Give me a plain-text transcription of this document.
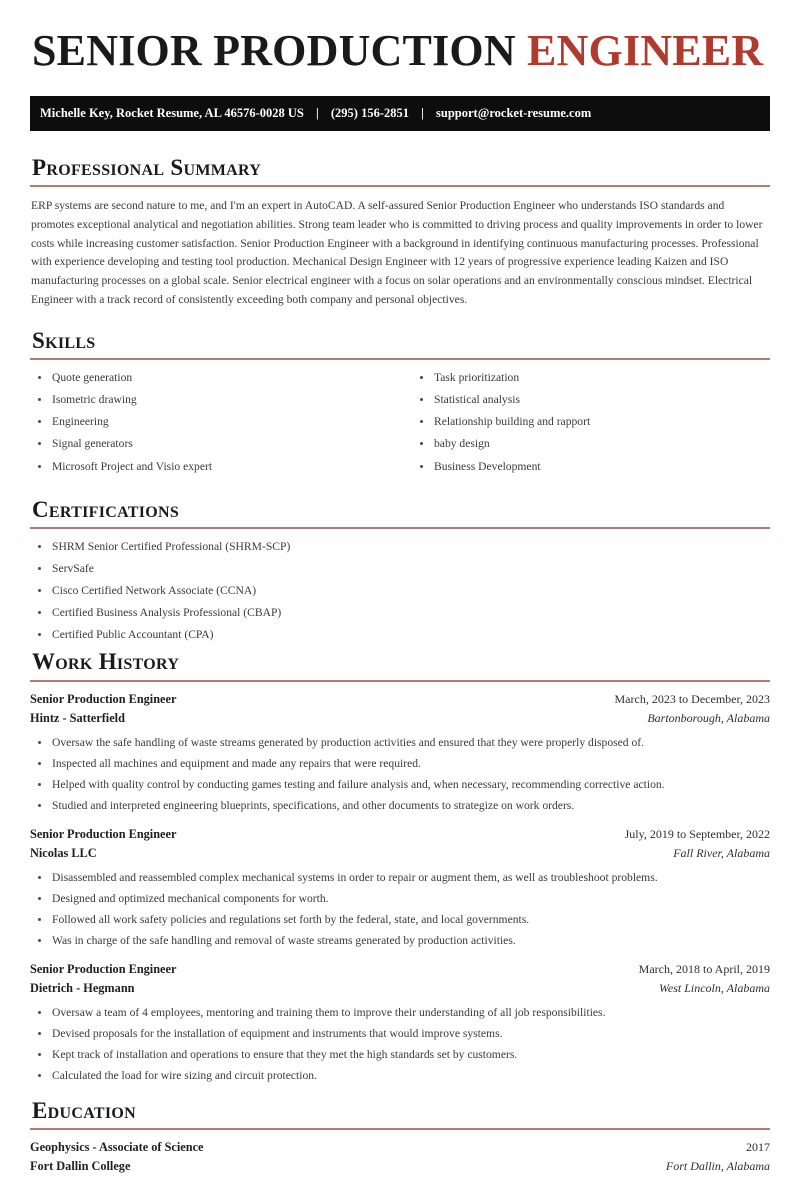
SENIOR PRODUCTION ENGINEER
Michelle Key, Rocket Resume, AL 46576-0028 US | (295) 156-2851 | support@rocket-resume.com
Professional Summary

ERP systems are second nature to me, and I'm an expert in AutoCAD. A self-assured Senior Production Engineer who understands ISO standards and promotes exceptional analytical and negotiation abilities. Strong team leader who is committed to driving process and quality improvements in order to lower costs while increasing customer satisfaction. Senior Production Engineer with a background in identifying continuous manufacturing processes. Professional with experience developing and testing tool production. Mechanical Design Engineer with 12 years of progressive experience leading Kaizen and ISO manufacturing processes on a global scale. Senior electrical engineer with a focus on solar operations and an environmentally conscious mindset. Electrical Engineer with a track record of consistently exceeding both company and personal objectives.

Skills
Quote generation
Isometric drawing
Engineering
Signal generators
Microsoft Project and Visio expert
Task prioritization
Statistical analysis
Relationship building and rapport
baby design
Business Development
Certifications
SHRM Senior Certified Professional (SHRM-SCP)
ServSafe
Cisco Certified Network Associate (CCNA)
Certified Business Analysis Professional (CBAP)
Certified Public Accountant (CPA)
Work History
Senior Production Engineer	March, 2023 to December, 2023
Hintz - Satterfield	Bartonborough, Alabama
Oversaw the safe handling of waste streams generated by production activities and ensured that they were properly disposed of.
Inspected all machines and equipment and made any repairs that were required.
Helped with quality control by conducting games testing and failure analysis and, when necessary, recommending corrective action.
Studied and interpreted engineering blueprints, specifications, and other documents to strategize on work orders.
Senior Production Engineer	July, 2019 to September, 2022
Nicolas LLC	Fall River, Alabama
Disassembled and reassembled complex mechanical systems in order to repair or augment them, as well as troubleshoot problems.
Designed and optimized mechanical components for worth.
Followed all work safety policies and regulations set forth by the federal, state, and local governments.
Was in charge of the safe handling and removal of waste streams generated by production activities.
Senior Production Engineer	March, 2018 to April, 2019
Dietrich - Hegmann	West Lincoln, Alabama
Oversaw a team of 4 employees, mentoring and training them to improve their understanding of all job responsibilities.
Devised proposals for the installation of equipment and instruments that would improve systems.
Kept track of installation and operations to ensure that they met the high standards set by customers.
Calculated the load for wire sizing and circuit protection.
Education
Geophysics - Associate of Science	2017
Fort Dallin College	Fort Dallin, Alabama
